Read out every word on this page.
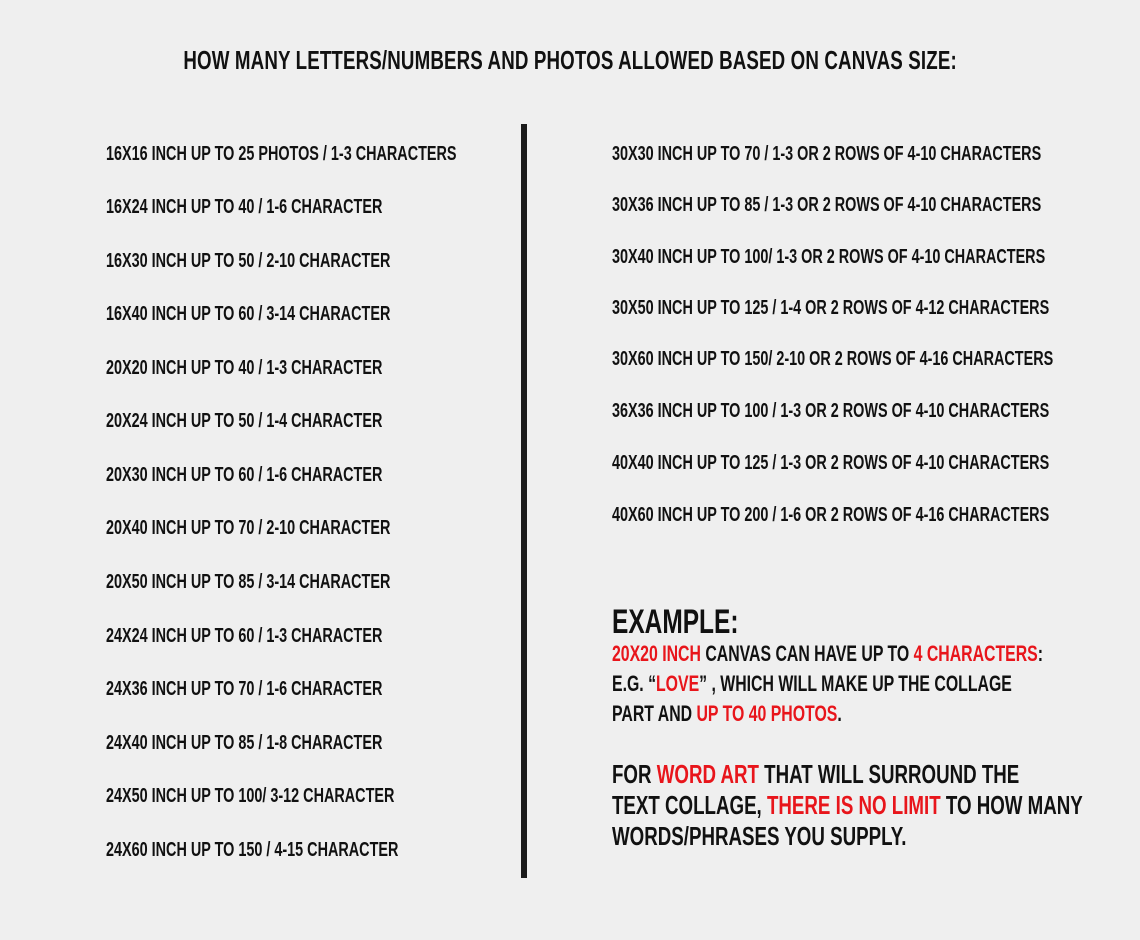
HOW MANY LETTERS/NUMBERS AND PHOTOS ALLOWED BASED ON CANVAS SIZE:
16X16 INCH UP TO 25 PHOTOS / 1-3 CHARACTERS
16X24 INCH UP TO 40 / 1-6 CHARACTER
16X30 INCH UP TO 50 / 2-10 CHARACTER
16X40 INCH UP TO 60 / 3-14 CHARACTER
20X20 INCH UP TO 40 / 1-3 CHARACTER
20X24 INCH UP TO 50 / 1-4 CHARACTER
20X30 INCH UP TO 60 / 1-6 CHARACTER
20X40 INCH UP TO 70 / 2-10 CHARACTER
20X50 INCH UP TO 85 / 3-14 CHARACTER
24X24 INCH UP TO 60 / 1-3 CHARACTER
24X36 INCH UP TO 70 / 1-6 CHARACTER
24X40 INCH UP TO 85 / 1-8 CHARACTER
24X50 INCH UP TO 100/ 3-12 CHARACTER
24X60 INCH UP TO 150 / 4-15 CHARACTER
30X30 INCH UP TO 70 / 1-3 OR 2 ROWS OF 4-10 CHARACTERS
30X36 INCH UP TO 85 / 1-3 OR 2 ROWS OF 4-10 CHARACTERS
30X40 INCH UP TO 100/ 1-3 OR 2 ROWS OF 4-10 CHARACTERS
30X50 INCH UP TO 125 / 1-4 OR 2 ROWS OF 4-12 CHARACTERS
30X60 INCH UP TO 150/ 2-10 OR 2 ROWS OF 4-16 CHARACTERS
36X36 INCH UP TO 100 / 1-3 OR 2 ROWS OF 4-10 CHARACTERS
40X40 INCH UP TO 125 / 1-3 OR 2 ROWS OF 4-10 CHARACTERS
40X60 INCH UP TO 200 / 1-6 OR 2 ROWS OF 4-16 CHARACTERS
EXAMPLE:
20X20 INCH CANVAS CAN HAVE UP TO 4 CHARACTERS:
E.G. “LOVE” , WHICH WILL MAKE UP THE COLLAGE
PART AND UP TO 40 PHOTOS.
FOR WORD ART THAT WILL SURROUND THE
TEXT COLLAGE, THERE IS NO LIMIT TO HOW MANY
WORDS/PHRASES YOU SUPPLY.
